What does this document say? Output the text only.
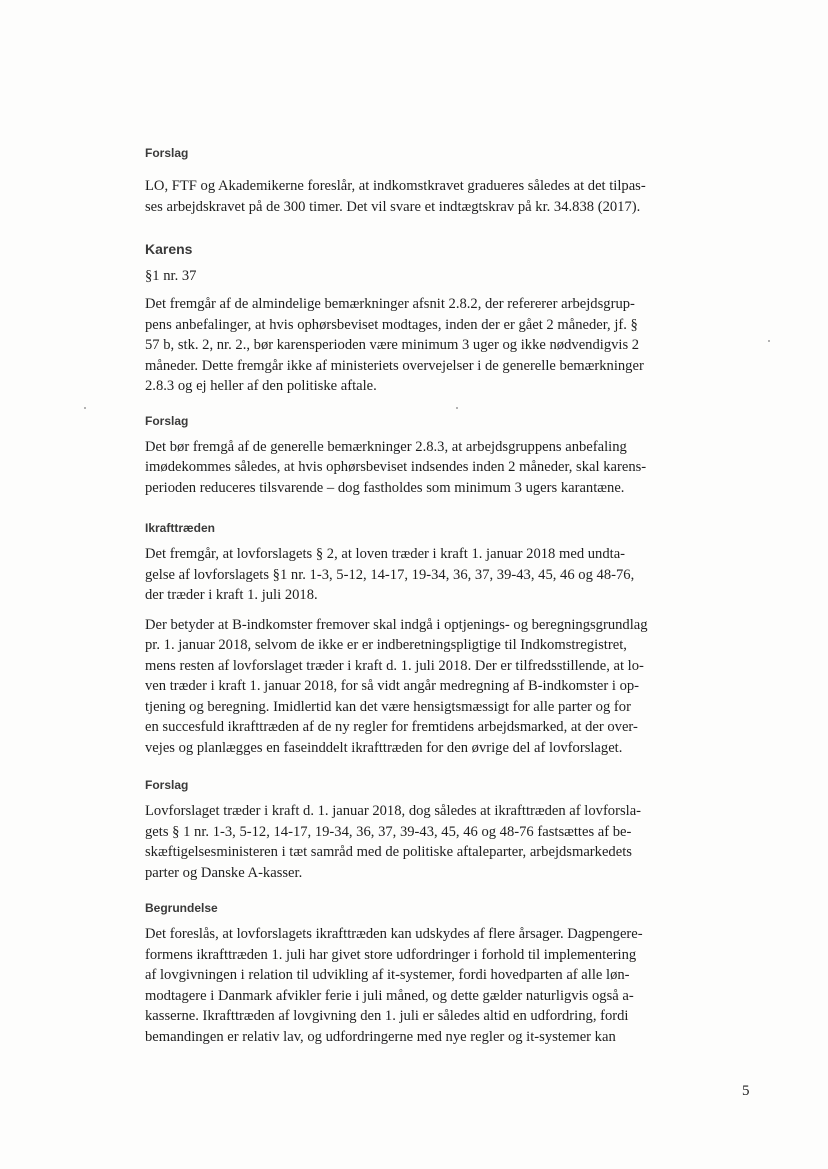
Forslag

LO, FTF og Akademikerne foreslår, at indkomstkravet gradueres således at det tilpas-
ses arbejdskravet på de 300 timer. Det vil svare et indtægtskrav på kr. 34.838 (2017).

Karens

§1 nr. 37

Det fremgår af de almindelige bemærkninger afsnit 2.8.2, der refererer arbejdsgrup-
pens anbefalinger, at hvis ophørsbeviset modtages, inden der er gået 2 måneder, jf. §
57 b, stk. 2, nr. 2., bør karensperioden være minimum 3 uger og ikke nødvendigvis 2
måneder. Dette fremgår ikke af ministeriets overvejelser i de generelle bemærkninger
2.8.3 og ej heller af den politiske aftale.

Forslag

Det bør fremgå af de generelle bemærkninger 2.8.3, at arbejdsgruppens anbefaling
imødekommes således, at hvis ophørsbeviset indsendes inden 2 måneder, skal karens-
perioden reduceres tilsvarende – dog fastholdes som minimum 3 ugers karantæne.

Ikrafttræden

Det fremgår, at lovforslagets § 2, at loven træder i kraft 1. januar 2018 med undta-
gelse af lovforslagets §1 nr. 1-3, 5-12, 14-17, 19-34, 36, 37, 39-43, 45, 46 og 48-76,
der træder i kraft 1. juli 2018.

Der betyder at B-indkomster fremover skal indgå i optjenings- og beregningsgrundlag
pr. 1. januar 2018, selvom de ikke er er indberetningspligtige til Indkomstregistret,
mens resten af lovforslaget træder i kraft d. 1. juli 2018. Der er tilfredsstillende, at lo-
ven træder i kraft 1. januar 2018, for så vidt angår medregning af B-indkomster i op-
tjening og beregning. Imidlertid kan det være hensigtsmæssigt for alle parter og for
en succesfuld ikrafttræden af de ny regler for fremtidens arbejdsmarked, at der over-
vejes og planlægges en faseinddelt ikrafttræden for den øvrige del af lovforslaget.

Forslag

Lovforslaget træder i kraft d. 1. januar 2018, dog således at ikrafttræden af lovforsla-
gets § 1 nr. 1-3, 5-12, 14-17, 19-34, 36, 37, 39-43, 45, 46 og 48-76 fastsættes af be-
skæftigelsesministeren i tæt samråd med de politiske aftaleparter, arbejdsmarkedets
parter og Danske A-kasser.

Begrundelse

Det foreslås, at lovforslagets ikrafttræden kan udskydes af flere årsager. Dagpengere-
formens ikrafttræden 1. juli har givet store udfordringer i forhold til implementering
af lovgivningen i relation til udvikling af it-systemer, fordi hovedparten af alle løn-
modtagere i Danmark afvikler ferie i juli måned, og dette gælder naturligvis også a-
kasserne. Ikrafttræden af lovgivning den 1. juli er således altid en udfordring, fordi
bemandingen er relativ lav, og udfordringerne med nye regler og it-systemer kan

5
